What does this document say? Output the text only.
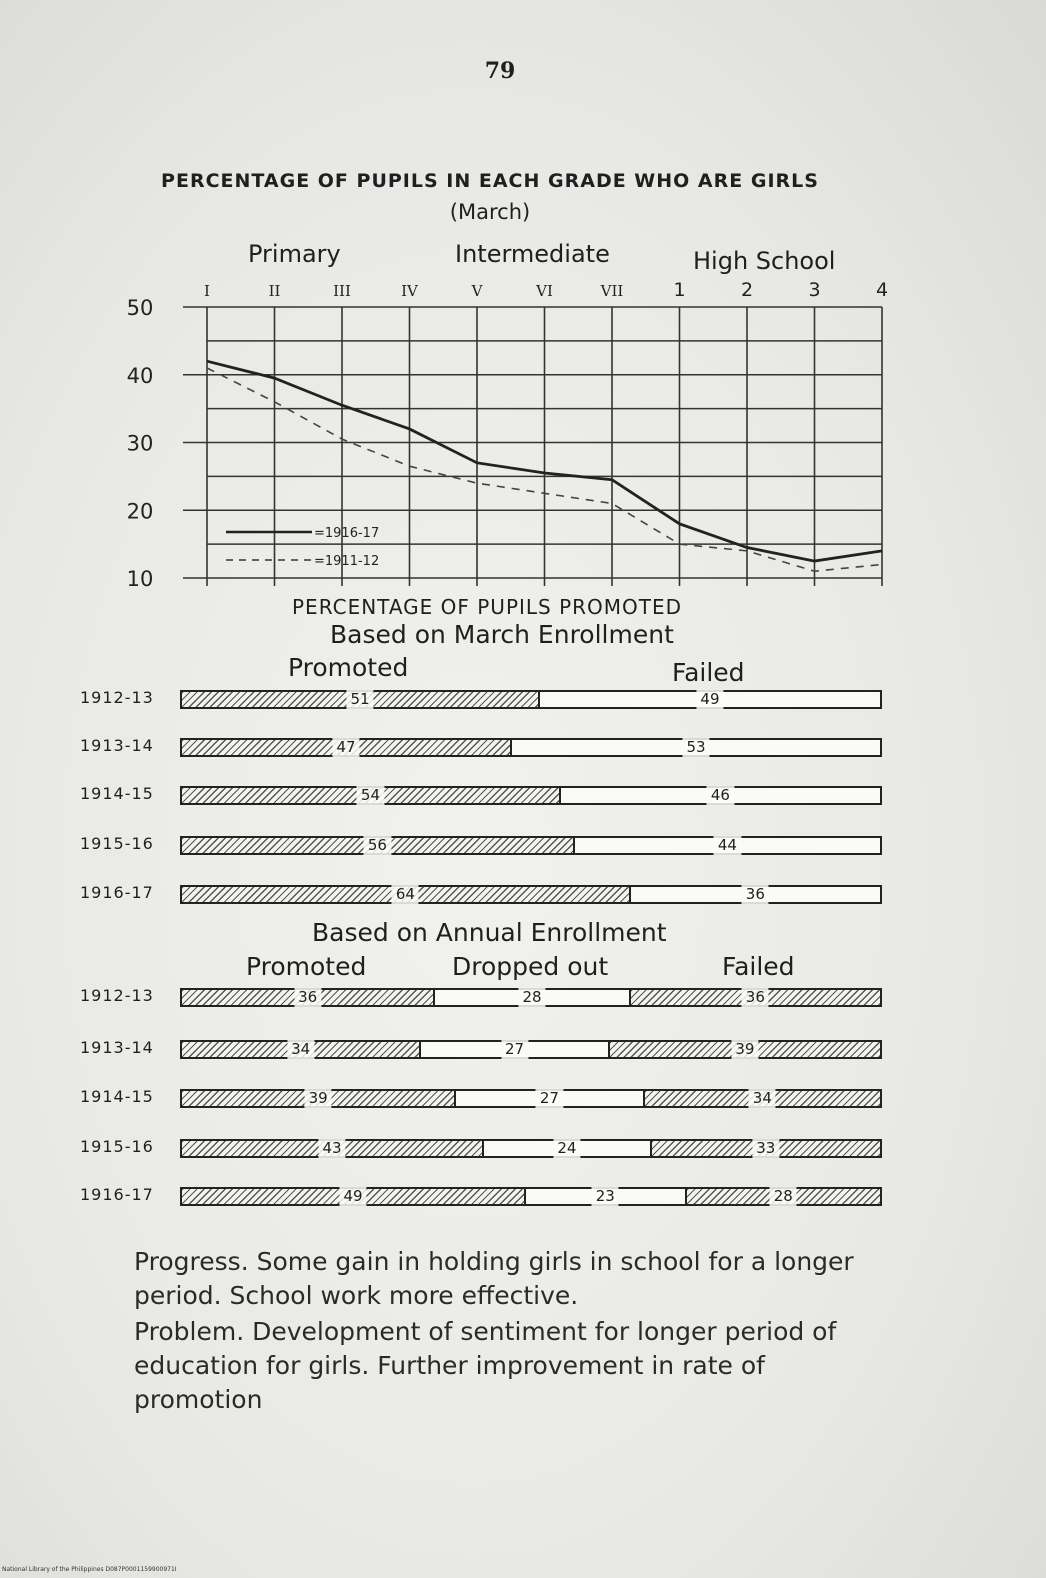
79
PERCENTAGE OF PUPILS IN EACH GRADE WHO ARE GIRLS
(March)
Primary	Intermediate	High School
50
40
30
20
10
I	II	III	IV	V	VI	VII	1	2	3	4
=1916-17
=1911-12
PERCENTAGE OF PUPILS PROMOTED
Based on March Enrollment
Promoted	Failed
1912-13	51	49
1913-14	47	53
1914-15	54	46
1915-16	56	44
1916-17	64	36
Based on Annual Enrollment
Promoted	Dropped out	Failed
1912-13	36	28	36
1913-14	34	27	39
1914-15	39	27	34
1915-16	43	24	33
1916-17	49	23	28
Progress. Some gain in holding girls in school for a longer period. School work more effective.
Problem. Development of sentiment for longer period of education for girls. Further improvement in rate of promotion
National Library of the Philippines D087P0001159900971I
